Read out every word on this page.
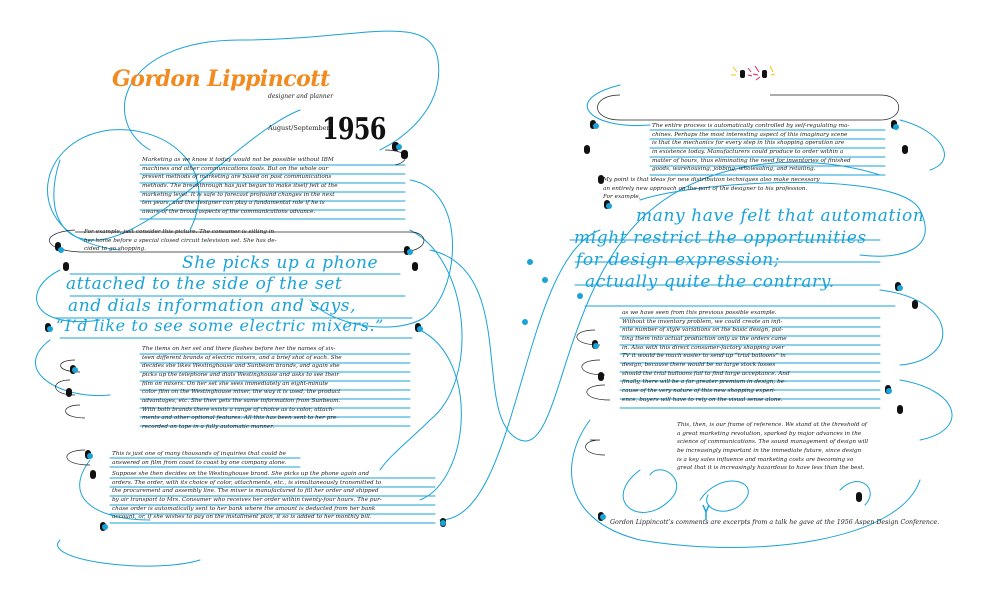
Gordon Lippincott
designer and planner
August/September
1956
Marketing as we know it today would not be possible without IBM
machines and other communications tools. But on the whole our
present methods of marketing are based on past communications
methods. The breakthrough has just begun to make itself felt at the
marketing level. It is safe to forecast profound changes in the next
ten years, and the designer can play a fundamental role if he is
aware of the broad aspects of the communications advance.
For example, just consider this picture. The consumer is sitting in
her home before a special closed circuit television set. She has de-
cided to go shopping.
She picks up a phone
attached to the side of the set
and dials information and says,
“I’d like to see some electric mixers.”
The items on her set and there flashes before her the names of six-
teen different brands of electric mixers, and a brief shot of each. She
decides she likes Westinghouse and Sunbeam brands, and again she
picks up the telephone and dials Westinghouse and asks to see their
film on mixers. On her set she sees immediately an eight-minute
color film on the Westinghouse mixer, the way it is used, the product
advantages, etc. She then gets the same information from Sunbeam.
With both brands there exists a range of choice as to color, attach-
ments and other optional features. All this has been sent to her pre-
recorded on tape in a fully automatic manner.
This is just one of many thousands of inquiries that could be
answered on film from coast to coast by one company alone.
Suppose she then decides on the Westinghouse brand. She picks up the phone again and
orders. The order, with its choice of color, attachments, etc., is simultaneously transmitted to
the procurement and assembly line. The mixer is manufactured to fill her order and shipped
by air transport to Mrs. Consumer who receives her order within twenty-four hours. The pur-
chase order is automatically sent to her bank where the amount is deducted from her bank
account, or, if she wishes to pay on the installment plan, it so is added to her monthly bill.
The entire process is automatically controlled by self-regulating ma-
chines. Perhaps the most interesting aspect of this imaginary scene
is that the mechanics for every step in this shopping operation are
in existence today. Manufacturers could produce to order within a
matter of hours, thus eliminating the need for inventories of finished
goods, warehousing, jobbing, wholesaling, and retailing.
My point is that ideas for new distribution techniques also make necessary
an entirely new approach on the part of the designer to his profession.
For example,
many have felt that automation
might restrict the opportunities
for design expression;
actually quite the contrary.
as we have seen from this previous possible example.
Without the inventory problem, we could create an infi-
nite number of style variations on the basic design, put-
ting them into actual production only as the orders came
in. Also with this direct consumer-factory shopping over
TV it would be much easier to send up “trial balloons” in
design, because there would be no large stock losses
should the trial balloons fail to find large acceptance. And
finally, there will be a far greater premium in design; be-
cause of the very nature of this new shopping experi-
ence, buyers will have to rely on the visual sense alone.
This, then, is our frame of reference. We stand at the threshold of
a great marketing revolution, sparked by major advances in the
science of communications. The sound management of design will
be increasingly important in the immediate future, since design
is a key sales influence and marketing costs are becoming so
great that it is increasingly hazardous to have less than the best.
Gordon Lippincott’s comments are excerpts from a talk he gave at the 1956 Aspen Design Conference.
